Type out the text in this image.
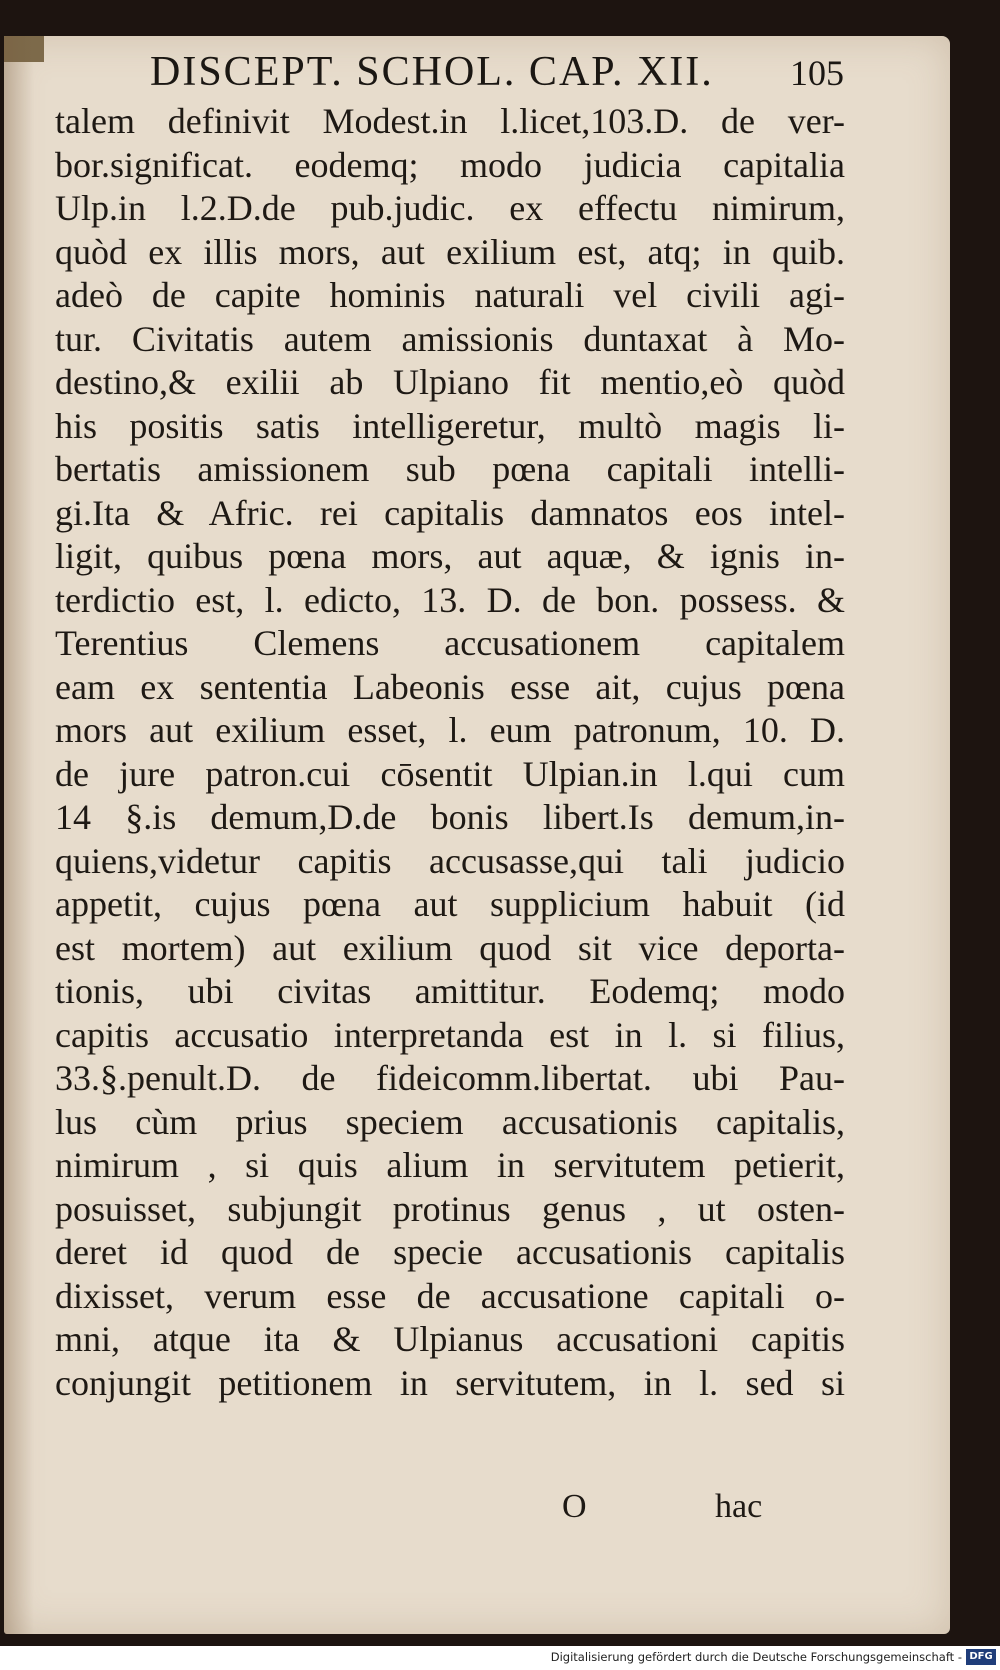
DISCEPT. SCHOL. CAP. XII.	105
talem definivit Modest.in l.licet,103.D. de ver-
bor.significat. eodemq; modo judicia capitalia
Ulp.in l.2.D.de pub.judic. ex effectu nimirum,
quòd ex illis mors, aut exilium est, atq; in quib.
adeò de capite hominis naturali vel civili agi-
tur. Civitatis autem amissionis duntaxat à Mo-
destino,& exilii ab Ulpiano fit mentio,eò quòd
his positis satis intelligeretur, multò magis li-
bertatis amissionem sub pœna capitali intelli-
gi.Ita & Afric. rei capitalis damnatos eos intel-
ligit, quibus pœna mors, aut aquæ, & ignis in-
terdictio est, l. edicto, 13. D. de bon. possess. &
Terentius Clemens accusationem capitalem
eam ex sententia Labeonis esse ait, cujus pœna
mors aut exilium esset, l. eum patronum, 10. D.
de jure patron.cui cōsentit Ulpian.in l.qui cum
14 §.is demum,D.de bonis libert.Is demum,in-
quiens,videtur capitis accusasse,qui tali judicio
appetit, cujus pœna aut supplicium habuit (id
est mortem) aut exilium quod sit vice deporta-
tionis, ubi civitas amittitur. Eodemq; modo
capitis accusatio interpretanda est in l. si filius,
33.§.penult.D. de fideicomm.libertat. ubi Pau-
lus cùm prius speciem accusationis capitalis,
nimirum , si quis alium in servitutem petierit,
posuisset, subjungit protinus genus , ut osten-
deret id quod de specie accusationis capitalis
dixisset, verum esse de accusatione capitali o-
mni, atque ita & Ulpianus accusationi capitis
conjungit petitionem in servitutem, in l. sed si
O	hac
Digitalisierung gefördert durch die Deutsche Forschungsgemeinschaft - DFG
